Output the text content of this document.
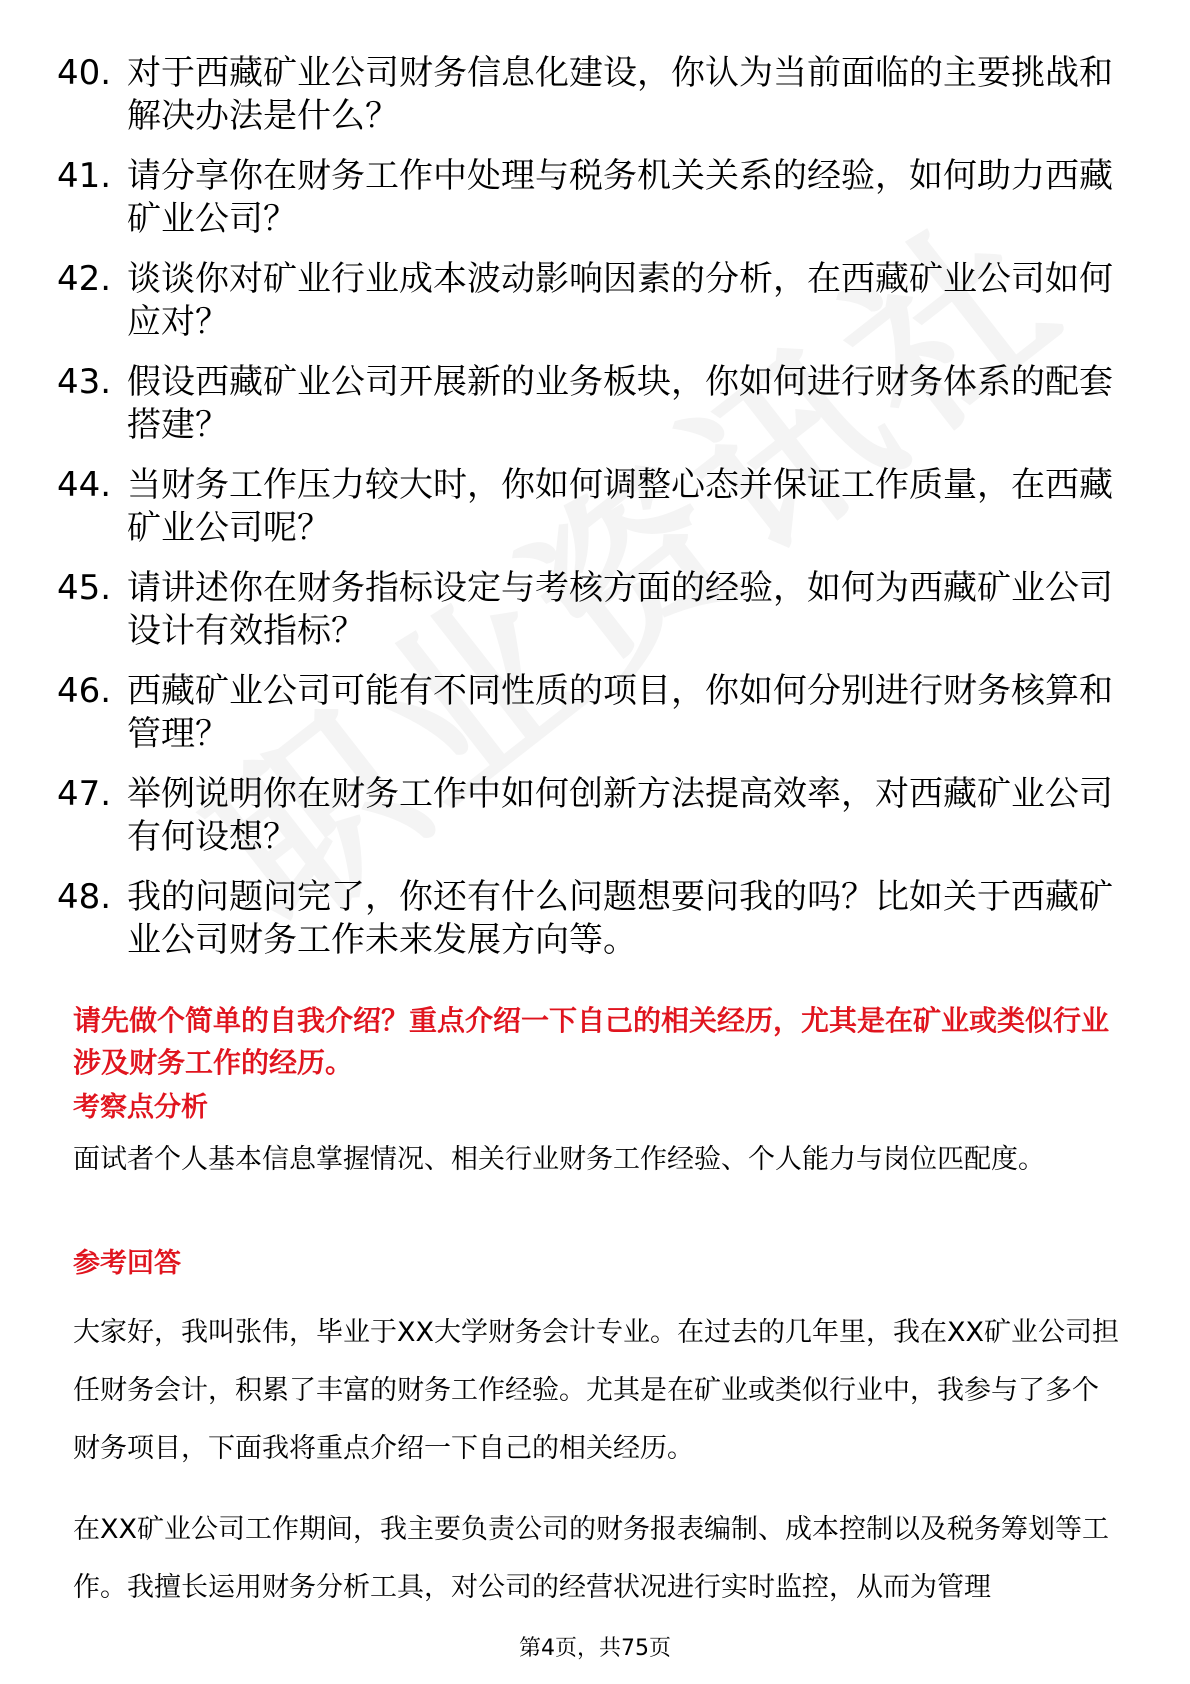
40. 对于西藏矿业公司财务信息化建设，你认为当前面临的主要挑战和解决办法是什么？
41. 请分享你在财务工作中处理与税务机关关系的经验，如何助力西藏矿业公司？
42. 谈谈你对矿业行业成本波动影响因素的分析，在西藏矿业公司如何应对？
43. 假设西藏矿业公司开展新的业务板块，你如何进行财务体系的配套搭建？
44. 当财务工作压力较大时，你如何调整心态并保证工作质量，在西藏矿业公司呢？
45. 请讲述你在财务指标设定与考核方面的经验，如何为西藏矿业公司设计有效指标？
46. 西藏矿业公司可能有不同性质的项目，你如何分别进行财务核算和管理？
47. 举例说明你在财务工作中如何创新方法提高效率，对西藏矿业公司有何设想？
48. 我的问题问完了，你还有什么问题想要问我的吗？比如关于西藏矿业公司财务工作未来发展方向等。
请先做个简单的自我介绍？重点介绍一下自己的相关经历，尤其是在矿业或类似行业涉及财务工作的经历。
考察点分析
面试者个人基本信息掌握情况、相关行业财务工作经验、个人能力与岗位匹配度。
参考回答
大家好，我叫张伟，毕业于XX大学财务会计专业。在过去的几年里，我在XX矿业公司担任财务会计，积累了丰富的财务工作经验。尤其是在矿业或类似行业中，我参与了多个财务项目，下面我将重点介绍一下自己的相关经历。
在XX矿业公司工作期间，我主要负责公司的财务报表编制、成本控制以及税务筹划等工作。我擅长运用财务分析工具，对公司的经营状况进行实时监控，从而为管理
第4页，共75页
